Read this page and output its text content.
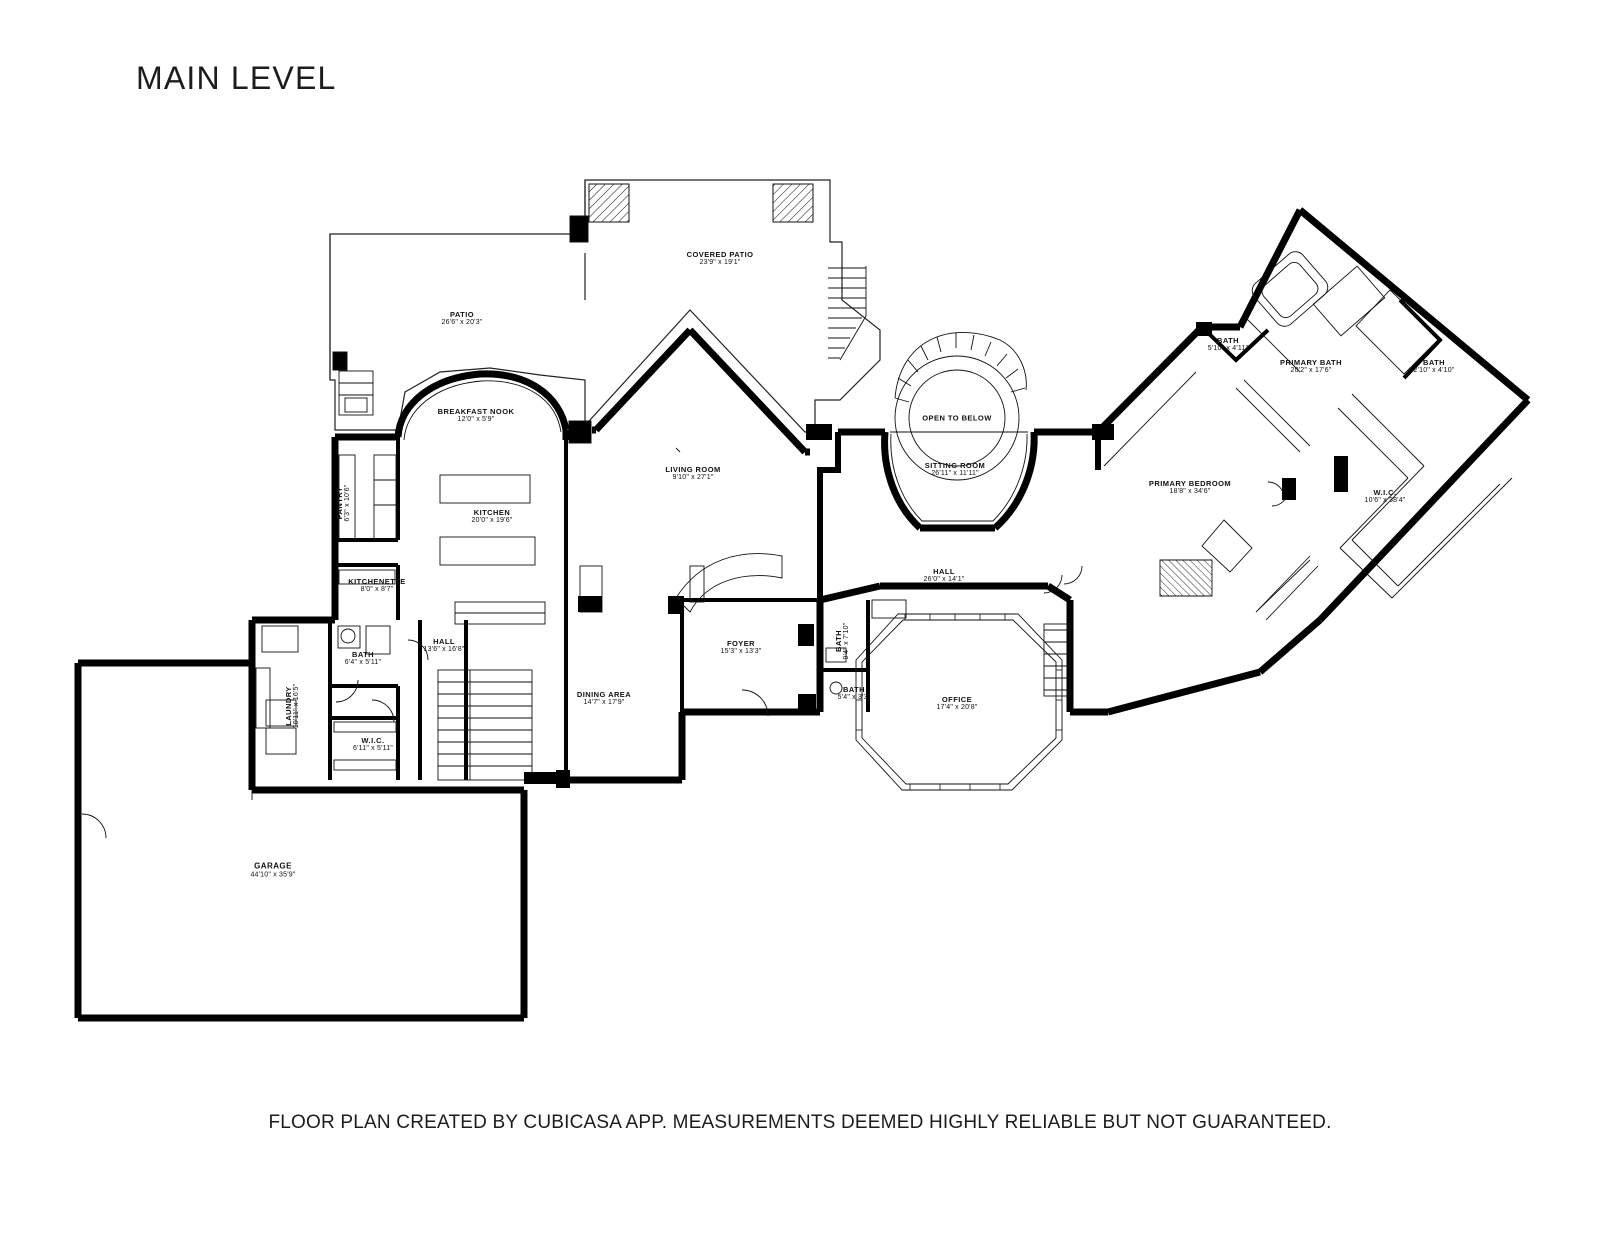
MAIN LEVEL
COVERED PATIO
23'9" x 19'1"
PATIO
26'6" x 20'3"
BREAKFAST NOOK
12'0" x 5'9"
PANTRY 6'3" x 10'6"	KITCHEN
20'0" x 19'6"
KITCHENETTE
8'0" x 8'7"
LIVING ROOM
9'10" x 27'1"
OPEN TO BELOW
SITTING ROOM
26'11" x 11'11"
PRIMARY BEDROOM
18'8" x 34'6"
BATH
5'10" x 4'11"
PRIMARY BATH
20'2" x 17'6"
BATH
2'10" x 4'10"
W.I.C.
10'6" x 38'4"
HALL
26'0" x 14'1"
HALL
13'6" x 16'8"
BATH
6'4" x 5'11"
LAUNDRY 10'11" x 16'5"
W.I.C.
6'11" x 5'11"
DINING AREA
14'7" x 17'9"
FOYER
15'3" x 13'3"	BATH 9'4" x 7'10"
BATH
5'4" x 3'3"	OFFICE
17'4" x 20'8"
GARAGE
44'10" x 35'9"
FLOOR PLAN CREATED BY CUBICASA APP. MEASUREMENTS DEEMED HIGHLY RELIABLE BUT NOT GUARANTEED.
